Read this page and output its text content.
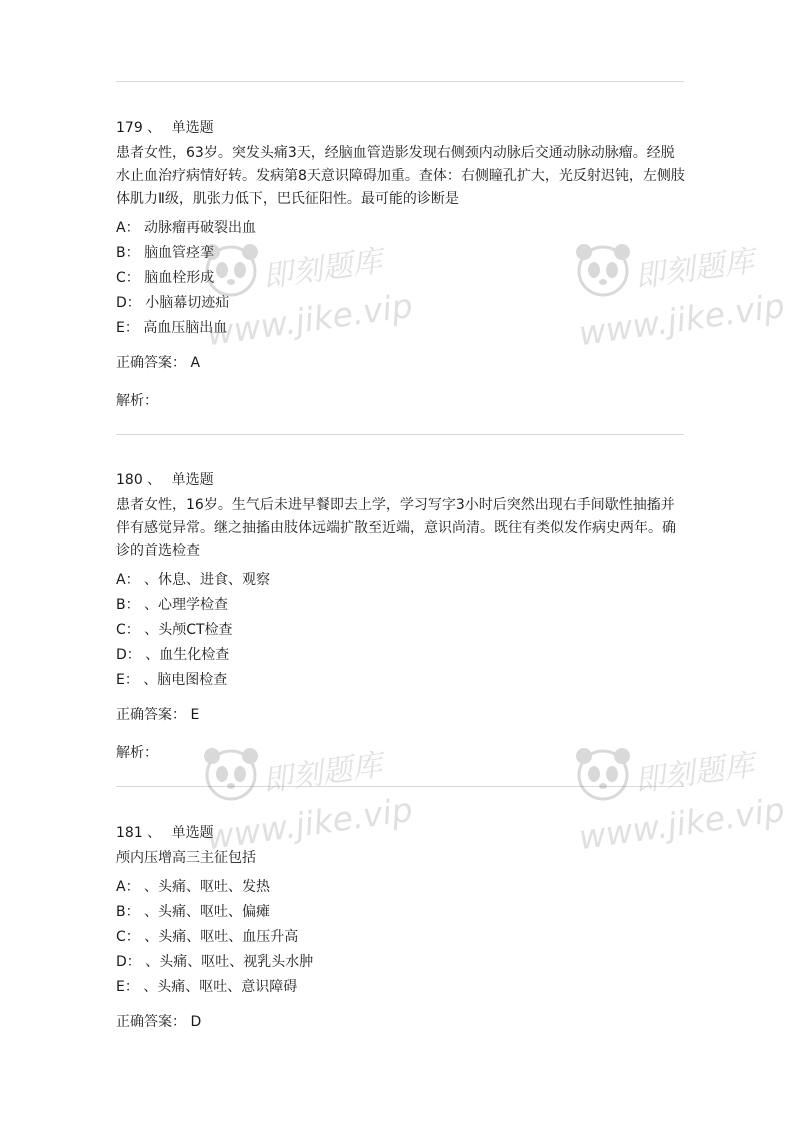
179 、 单选题
患者女性，63岁。突发头痛3天，经脑血管造影发现右侧颈内动脉后交通动脉动脉瘤。经脱水止血治疗病情好转。发病第8天意识障碍加重。查体：右侧瞳孔扩大，光反射迟钝，左侧肢体肌力Ⅱ级，肌张力低下，巴氏征阳性。最可能的诊断是
A： 动脉瘤再破裂出血
B： 脑血管痉挛
C： 脑血栓形成
D： 小脑幕切迹疝
E： 高血压脑出血
正确答案： A
解析：
180 、 单选题
患者女性，16岁。生气后未进早餐即去上学，学习写字3小时后突然出现右手间歇性抽搐并伴有感觉异常。继之抽搐由肢体远端扩散至近端，意识尚清。既往有类似发作病史两年。确诊的首选检查
A： 、休息、进食、观察
B： 、心理学检查
C： 、头颅CT检查
D： 、血生化检查
E： 、脑电图检查
正确答案： E
解析：
181 、 单选题
颅内压增高三主征包括
A： 、头痛、呕吐、发热
B： 、头痛、呕吐、偏瘫
C： 、头痛、呕吐、血压升高
D： 、头痛、呕吐、视乳头水肿
E： 、头痛、呕吐、意识障碍
正确答案： D
即刻题库
www.jike.vip
即刻题库
www.jike.vip
即刻题库
www.jike.vip
即刻题库
www.jike.vip
